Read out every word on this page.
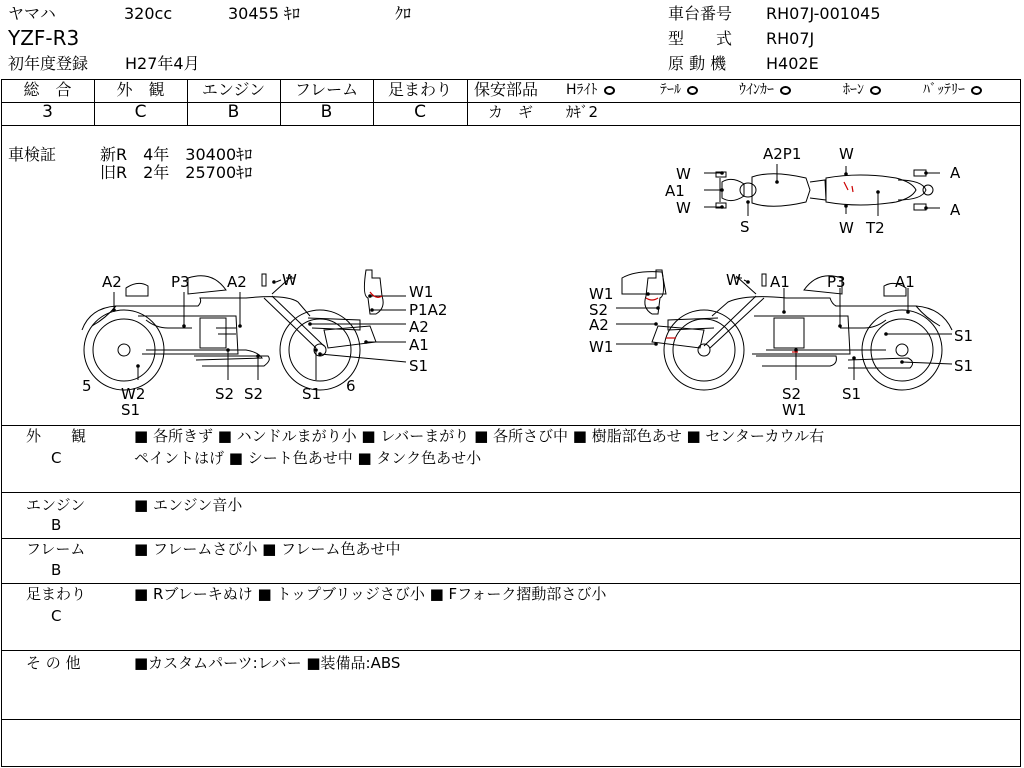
ヤマハ	320cc	30455 ｷﾛ	ｸﾛ
YZF-R3
初年度登録 H27年4月
車台番号 RH07J-001045
型　　式 RH07J
原 動 機 H402E
総　合	外　観	エンジン	フレーム	足まわり
3	C	B	B	C
保安部品 Hﾗｲﾄ	ﾃｰﾙ	ｳｲﾝｶｰ	ﾎｰﾝ	ﾊﾞｯﾃﾘｰ
カ　ギ ｶｷﾞ2
車検証	新R　4年　30400ｷﾛ
旧R　2年　25700ｷﾛ
A2P1	W
W
A1
W
S	W T2
A
A
A2	P3 A2 W
W1
P1A2
A2
A1
S1
5 W2
S1
S2 S2	S1 6
W A1 P3	A1
W1
S2
A2
W1
S1
S1
S2
W1
S1
外　　観
C
■ 各所きず ■ ハンドルまがり小 ■ レバーまがり ■ 各所さび中 ■ 樹脂部色あせ ■ センターカウル右
ペイントはげ ■ シート色あせ中 ■ タンク色あせ小
エンジン
B
■ エンジン音小
フレーム
B
■ フレームさび小 ■ フレーム色あせ中
足まわり
C
■ Rブレーキぬけ ■ トップブリッジさび小 ■ Fフォーク摺動部さび小
そ の 他	■カスタムパーツ:レバー ■装備品:ABS
